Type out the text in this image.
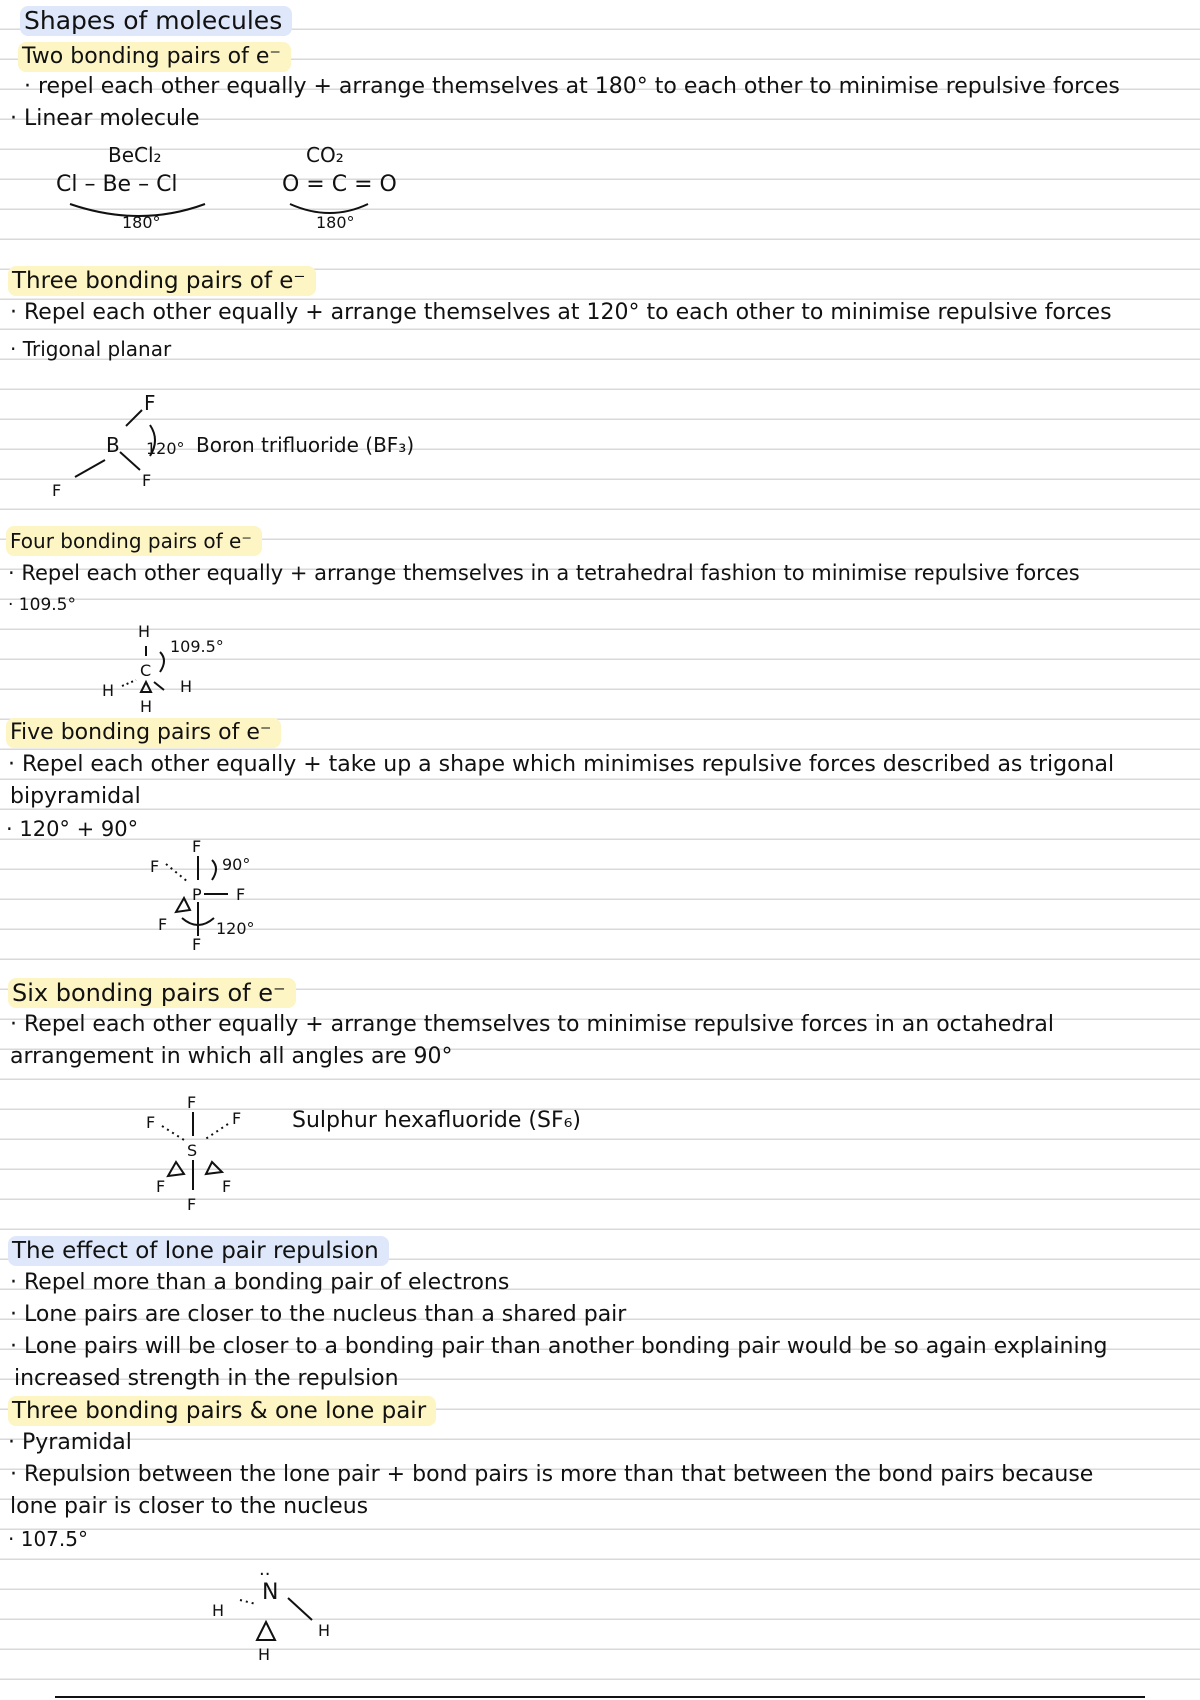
Shapes of molecules
Two bonding pairs of e⁻
· repel each other equally + arrange themselves at 180° to each other to minimise repulsive forces
· Linear molecule
BeCl₂
Cl – Be – Cl
180°
CO₂
O = C = O
180°
Three bonding pairs of e⁻
· Repel each other equally + arrange themselves at 120° to each other to minimise repulsive forces
· Trigonal planar
F
B 120°
F
F
Boron trifluoride (BF₃)
Four bonding pairs of e⁻
· Repel each other equally + arrange themselves in a tetrahedral fashion to minimise repulsive forces
· 109.5°
H
C
109.5°
H	H
H
Five bonding pairs of e⁻
· Repel each other equally + take up a shape which minimises repulsive forces described as trigonal
bipyramidal
· 120° + 90°
F
F	90°
P F
F	120°
F
Six bonding pairs of e⁻
· Repel each other equally + arrange themselves to minimise repulsive forces in an octahedral
arrangement in which all angles are 90°
F
F	F
S
F	F
F
Sulphur hexafluoride (SF₆)
The effect of lone pair repulsion
· Repel more than a bonding pair of electrons
· Lone pairs are closer to the nucleus than a shared pair
· Lone pairs will be closer to a bonding pair than another bonding pair would be so again explaining
increased strength in the repulsion
Three bonding pairs & one lone pair
· Pyramidal
· Repulsion between the lone pair + bond pairs is more than that between the bond pairs because
lone pair is closer to the nucleus
· 107.5°
··
N
H
H
H
